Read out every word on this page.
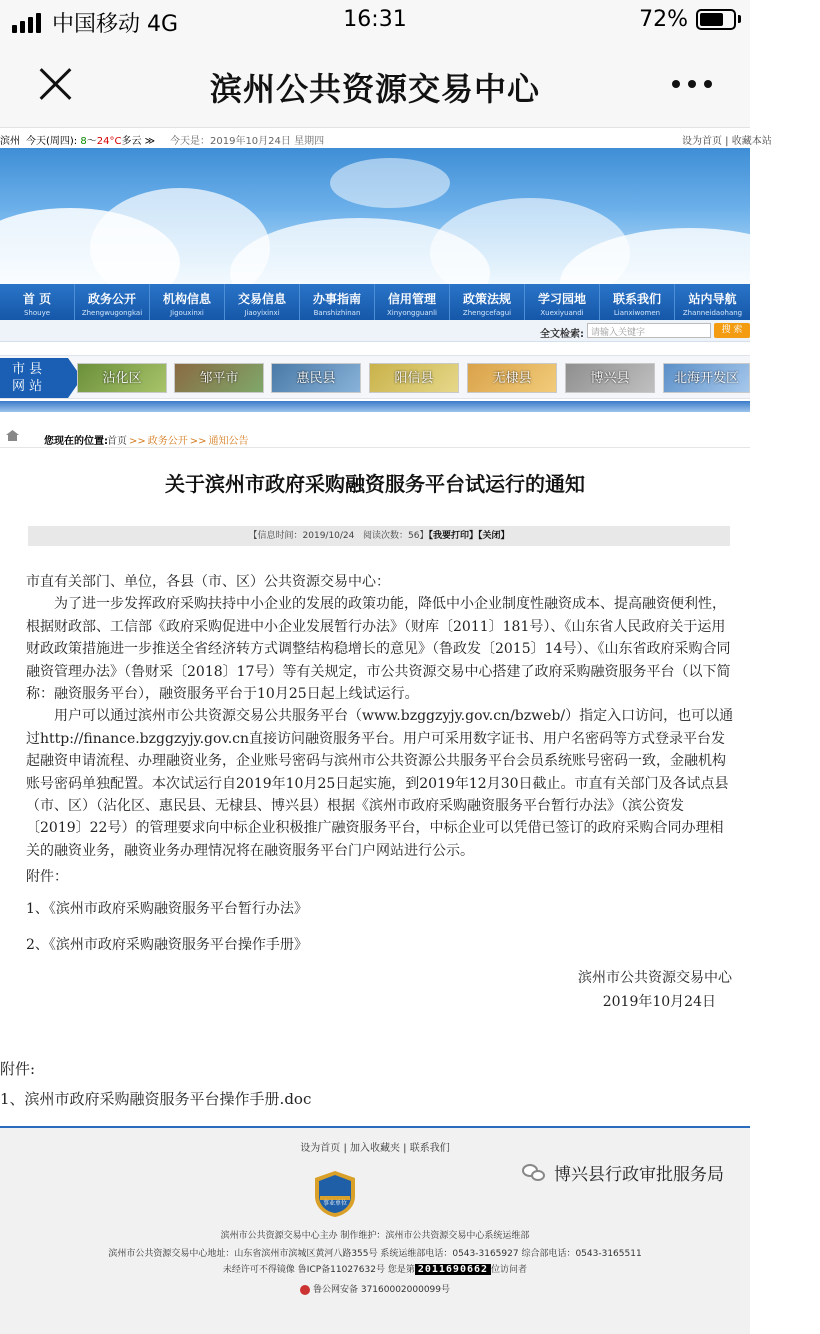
中国移动 4G	16:31	72%
滨州公共资源交易中心
滨州 今天(周四): 8～24°C多云 ≫ 今天是：2019年10月24日 星期四	设为首页 | 收藏本站
首 页
Shouye
政务公开
Zhengwugongkai
机构信息
Jigouxinxi
交易信息
Jiaoyixinxi
办事指南
Banshizhinan
信用管理
Xinyongguanli
政策法规
Zhengcefagui
学习园地
Xuexiyuandi
联系我们
Lianxiwomen
站内导航
Zhanneidaohang
全文检索: 请输入关键字	搜 索
市 县
网 站
沾化区	邹平市	惠民县	阳信县	无棣县	博兴县	北海开发区
您现在的位置: 首页 >> 政务公开 >> 通知公告
关于滨州市政府采购融资服务平台试运行的通知
【信息时间：2019/10/24 阅读次数：56】【我要打印】【关闭】

市直有关部门、单位，各县（市、区）公共资源交易中心：

为了进一步发挥政府采购扶持中小企业的发展的政策功能，降低中小企业制度性融资成本、提高融资便利性，根据财政部、工信部《政府采购促进中小企业发展暂行办法》（财库〔2011〕181号）、《山东省人民政府关于运用财政政策措施进一步推送全省经济转方式调整结构稳增长的意见》（鲁政发〔2015〕14号）、《山东省政府采购合同融资管理办法》（鲁财采〔2018〕17号）等有关规定，市公共资源交易中心搭建了政府采购融资服务平台（以下简称：融资服务平台），融资服务平台于10月25日起上线试运行。

用户可以通过滨州市公共资源交易公共服务平台（www.bzggzyjy.gov.cn/bzweb/）指定入口访问，也可以通过http://finance.bzggzyjy.gov.cn直接访问融资服务平台。用户可采用数字证书、用户名密码等方式登录平台发起融资申请流程、办理融资业务，企业账号密码与滨州市公共资源公共服务平台会员系统账号密码一致，金融机构账号密码单独配置。本次试运行自2019年10月25日起实施，到2019年12月30日截止。市直有关部门及各试点县（市、区）（沾化区、惠民县、无棣县、博兴县）根据《滨州市政府采购融资服务平台暂行办法》（滨公资发〔2019〕22号）的管理要求向中标企业积极推广融资服务平台，中标企业可以凭借已签订的政府采购合同办理相关的融资业务，融资业务办理情况将在融资服务平台门户网站进行公示。

附件：

1、《滨州市政府采购融资服务平台暂行办法》

2、《滨州市政府采购融资服务平台操作手册》

滨州市公共资源交易中心
2019年10月24日
附件:
1、滨州市政府采购融资服务平台操作手册.doc
设为首页 | 加入收藏夹 | 联系我们
事业单位
滨州市公共资源交易中心主办 制作维护：滨州市公共资源交易中心系统运维部
滨州市公共资源交易中心地址：山东省滨州市滨城区黄河八路355号 系统运维部电话：0543-3165927 综合部电话：0543-3165511
未经许可不得镜像 鲁ICP备11027632号 您是第 2011690662 位访问者
鲁公网安备 37160002000099号
博兴县行政审批服务局
